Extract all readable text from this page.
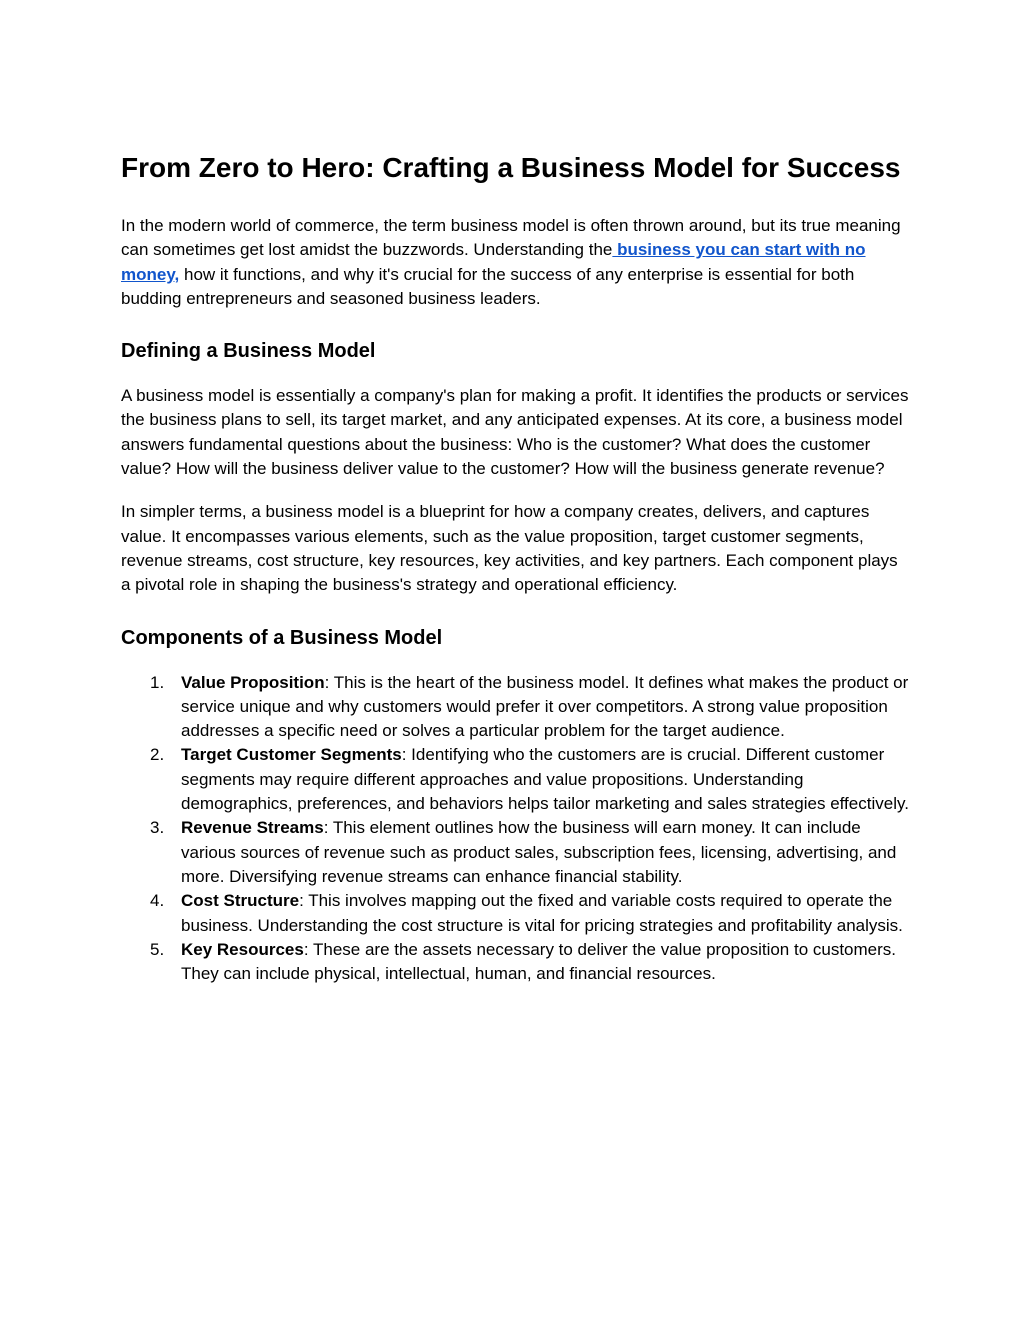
From Zero to Hero: Crafting a Business Model for Success

In the modern world of commerce, the term business model is often thrown around, but its true meaning can sometimes get lost amidst the buzzwords. Understanding the business you can start with no money, how it functions, and why it's crucial for the success of any enterprise is essential for both budding entrepreneurs and seasoned business leaders.

Defining a Business Model

A business model is essentially a company's plan for making a profit. It identifies the products or services the business plans to sell, its target market, and any anticipated expenses. At its core, a business model answers fundamental questions about the business: Who is the customer? What does the customer value? How will the business deliver value to the customer? How will the business generate revenue?

In simpler terms, a business model is a blueprint for how a company creates, delivers, and captures value. It encompasses various elements, such as the value proposition, target customer segments, revenue streams, cost structure, key resources, key activities, and key partners. Each component plays a pivotal role in shaping the business's strategy and operational efficiency.

Components of a Business Model
1. Value Proposition: This is the heart of the business model. It defines what makes the product or service unique and why customers would prefer it over competitors. A strong value proposition addresses a specific need or solves a particular problem for the target audience.
2. Target Customer Segments: Identifying who the customers are is crucial. Different customer segments may require different approaches and value propositions. Understanding demographics, preferences, and behaviors helps tailor marketing and sales strategies effectively.
3. Revenue Streams: This element outlines how the business will earn money. It can include various sources of revenue such as product sales, subscription fees, licensing, advertising, and more. Diversifying revenue streams can enhance financial stability.
4. Cost Structure: This involves mapping out the fixed and variable costs required to operate the business. Understanding the cost structure is vital for pricing strategies and profitability analysis.
5. Key Resources: These are the assets necessary to deliver the value proposition to customers. They can include physical, intellectual, human, and financial resources.
